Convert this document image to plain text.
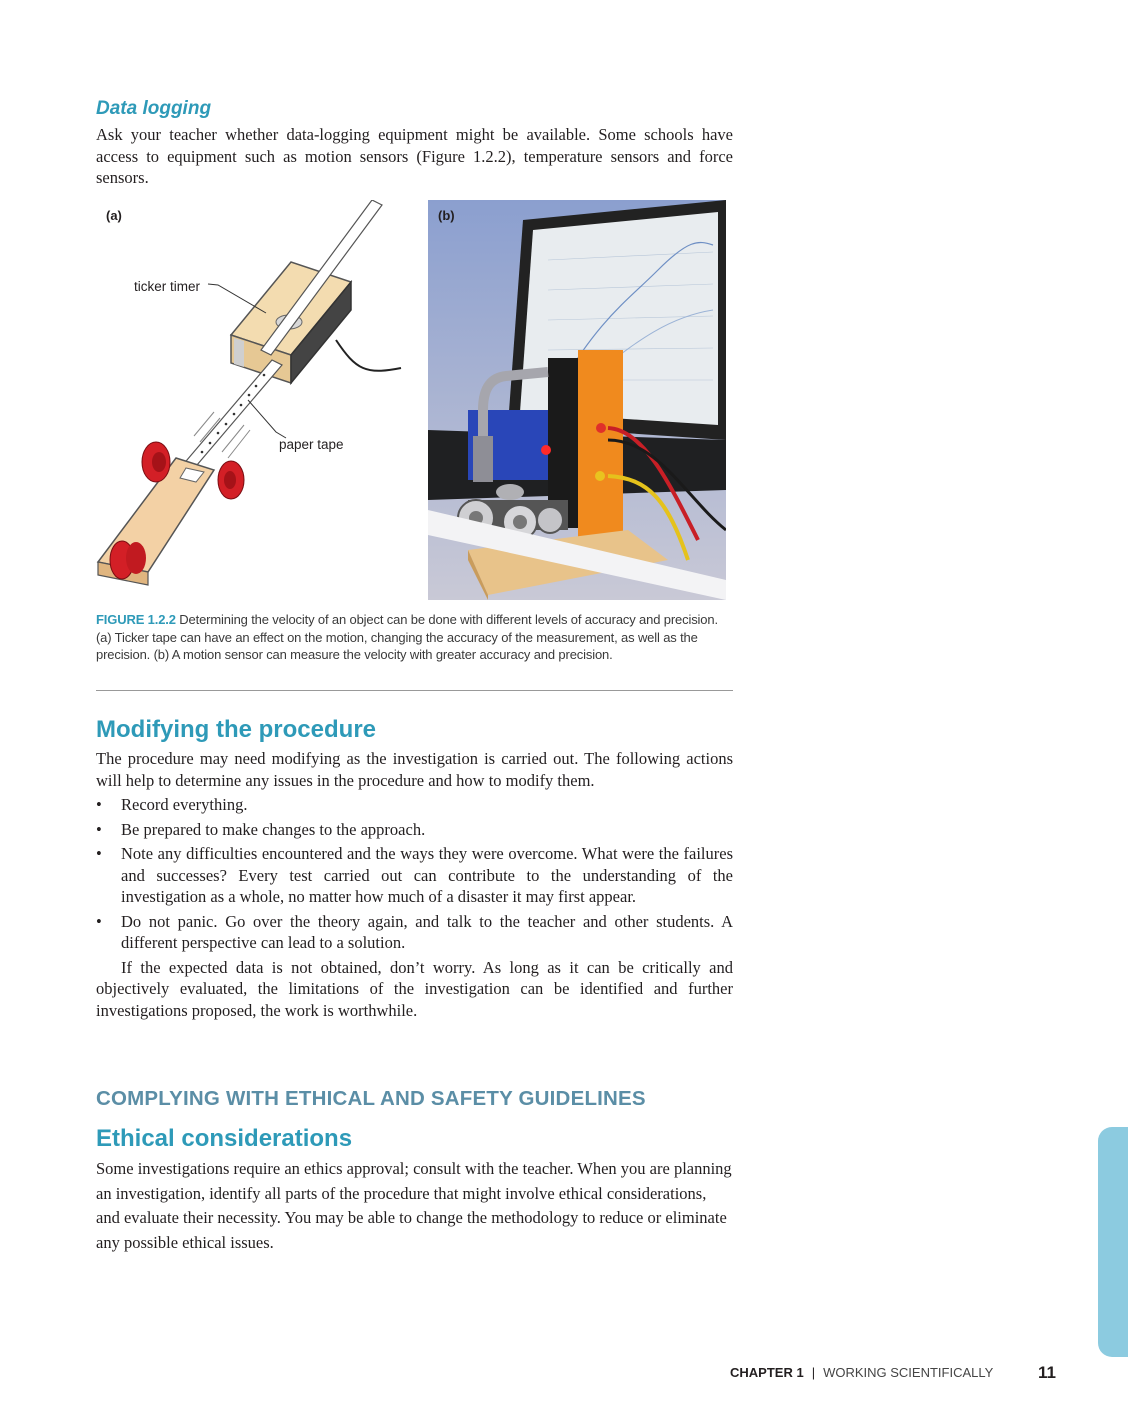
Data logging

Ask your teacher whether data-logging equipment might be available. Some schools have access to equipment such as motion sensors (Figure 1.2.2), temperature sensors and force sensors.

(a)
ticker timer
paper tape
(b)
FIGURE 1.2.2 Determining the velocity of an object can be done with different levels of accuracy and precision. (a) Ticker tape can have an effect on the motion, changing the accuracy of the measurement, as well as the precision. (b) A motion sensor can measure the velocity with greater accuracy and precision.
Modifying the procedure

The procedure may need modifying as the investigation is carried out. The following actions will help to determine any issues in the procedure and how to modify them.

• Record everything.
• Be prepared to make changes to the approach.
• Note any difficulties encountered and the ways they were overcome. What were the failures and successes? Every test carried out can contribute to the understanding of the investigation as a whole, no matter how much of a disaster it may first appear.
• Do not panic. Go over the theory again, and talk to the teacher and other students. A different perspective can lead to a solution.

If the expected data is not obtained, don’t worry. As long as it can be critically and objectively evaluated, the limitations of the investigation can be identified and further investigations proposed, the work is worthwhile.

COMPLYING WITH ETHICAL AND SAFETY GUIDELINES
Ethical considerations

Some investigations require an ethics approval; consult with the teacher. When you are planning an investigation, identify all parts of the procedure that might involve ethical considerations, and evaluate their necessity. You may be able to change the methodology to reduce or eliminate any possible ethical issues.

CHAPTER 1 | WORKING SCIENTIFICALLY	11
